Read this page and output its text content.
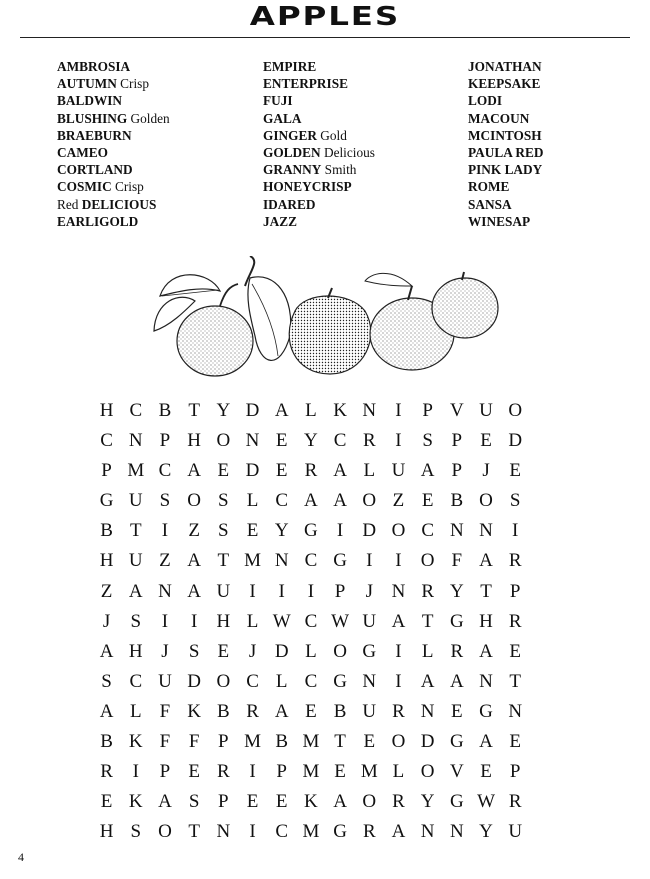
APPLES
AMBROSIA
AUTUMN Crisp
BALDWIN
BLUSHING Golden
BRAEBURN
CAMEO
CORTLAND
COSMIC Crisp
Red DELICIOUS
EARLIGOLD
EMPIRE
ENTERPRISE
FUJI
GALA
GINGER Gold
GOLDEN Delicious
GRANNY Smith
HONEYCRISP
IDARED
JAZZ
JONATHAN
KEEPSAKE
LODI
MACOUN
MCINTOSH
PAULA RED
PINK LADY
ROME
SANSA
WINESAP
H C B T Y D A L K N	I	P V U O
C N P H O N E Y C R	I	S P E D
P M C A E D E R A L U A P	J	E
G U S O S L C A A O Z E B O S
B T	I	Z S E Y G	I	D O C N N	I
H U Z A T M N C G	I	I	O F A R
Z A N A U	I	I	I	P	J N R Y T P
J	S	I	I	H L W C W U A T G H R
A H J	S E	J D L O G	I	L R A E
S C U D O C L C G N	I	A A N T
A L F K B R A E B U R N E G N
B K F F P M B M T E O D G A E
R	I	P E R	I	P M E M L O V E P
E K A S P E E K A O R Y G W R
H S O T N	I	C M G R A N N Y U
4
